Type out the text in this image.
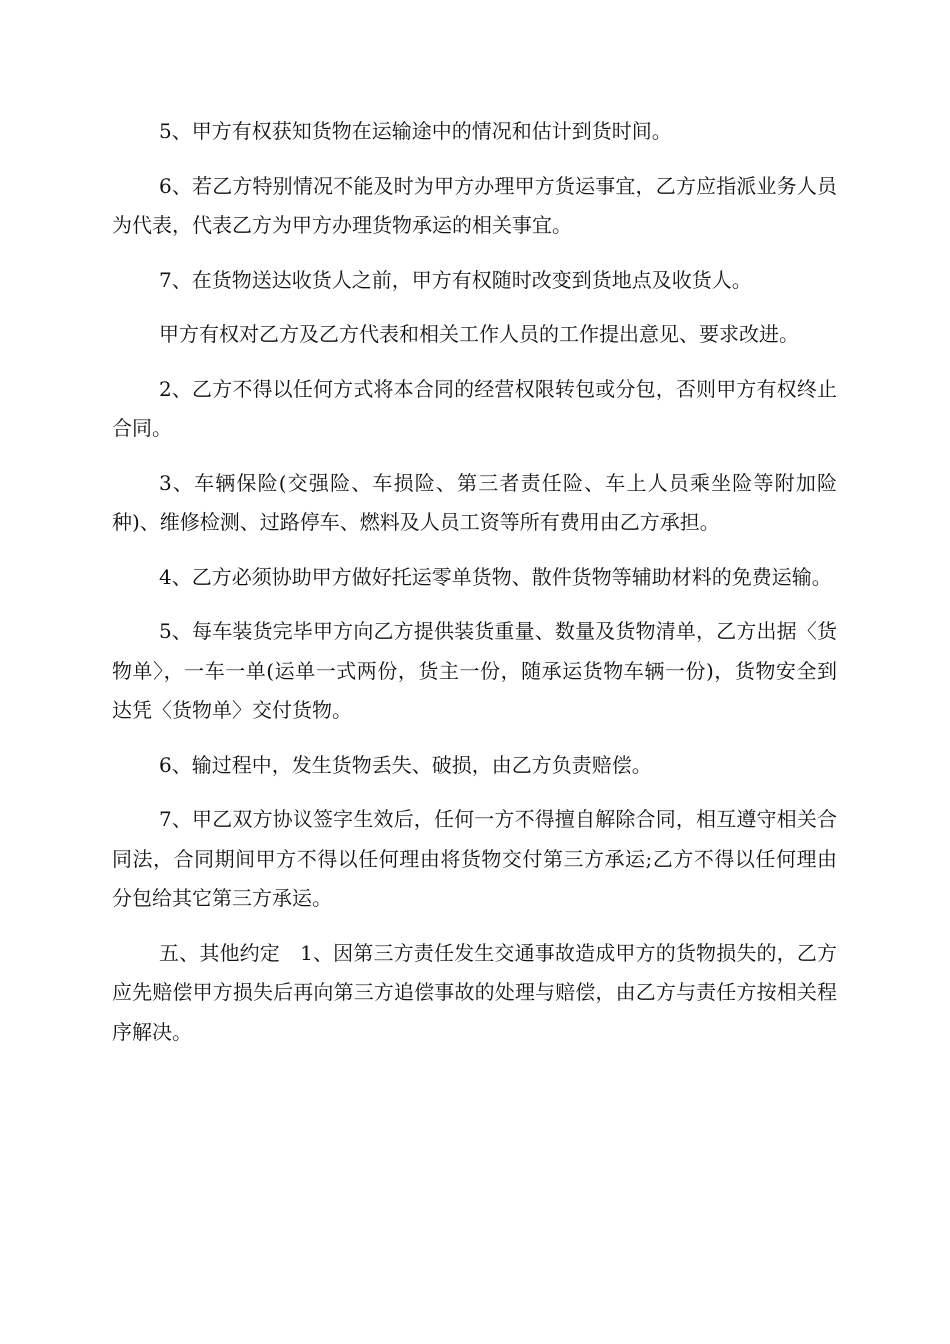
5、甲方有权获知货物在运输途中的情况和估计到货时间。

6、若乙方特别情况不能及时为甲方办理甲方货运事宜，乙方应指派业务人员为代表，代表乙方为甲方办理货物承运的相关事宜。

7、在货物送达收货人之前，甲方有权随时改变到货地点及收货人。

甲方有权对乙方及乙方代表和相关工作人员的工作提出意见、要求改进。

2、乙方不得以任何方式将本合同的经营权限转包或分包，否则甲方有权终止合同。

3、车辆保险(交强险、车损险、第三者责任险、车上人员乘坐险等附加险种)、维修检测、过路停车、燃料及人员工资等所有费用由乙方承担。

4、乙方必须协助甲方做好托运零单货物、散件货物等辅助材料的免费运输。

5、每车装货完毕甲方向乙方提供装货重量、数量及货物清单，乙方出据〈货物单〉，一车一单(运单一式两份，货主一份，随承运货物车辆一份)，货物安全到达凭〈货物单〉交付货物。

6、输过程中，发生货物丢失、破损，由乙方负责赔偿。

7、甲乙双方协议签字生效后，任何一方不得擅自解除合同，相互遵守相关合同法，合同期间甲方不得以任何理由将货物交付第三方承运;乙方不得以任何理由分包给其它第三方承运。

五、其他约定　1、因第三方责任发生交通事故造成甲方的货物损失的，乙方应先赔偿甲方损失后再向第三方追偿事故的处理与赔偿，由乙方与责任方按相关程序解决。
